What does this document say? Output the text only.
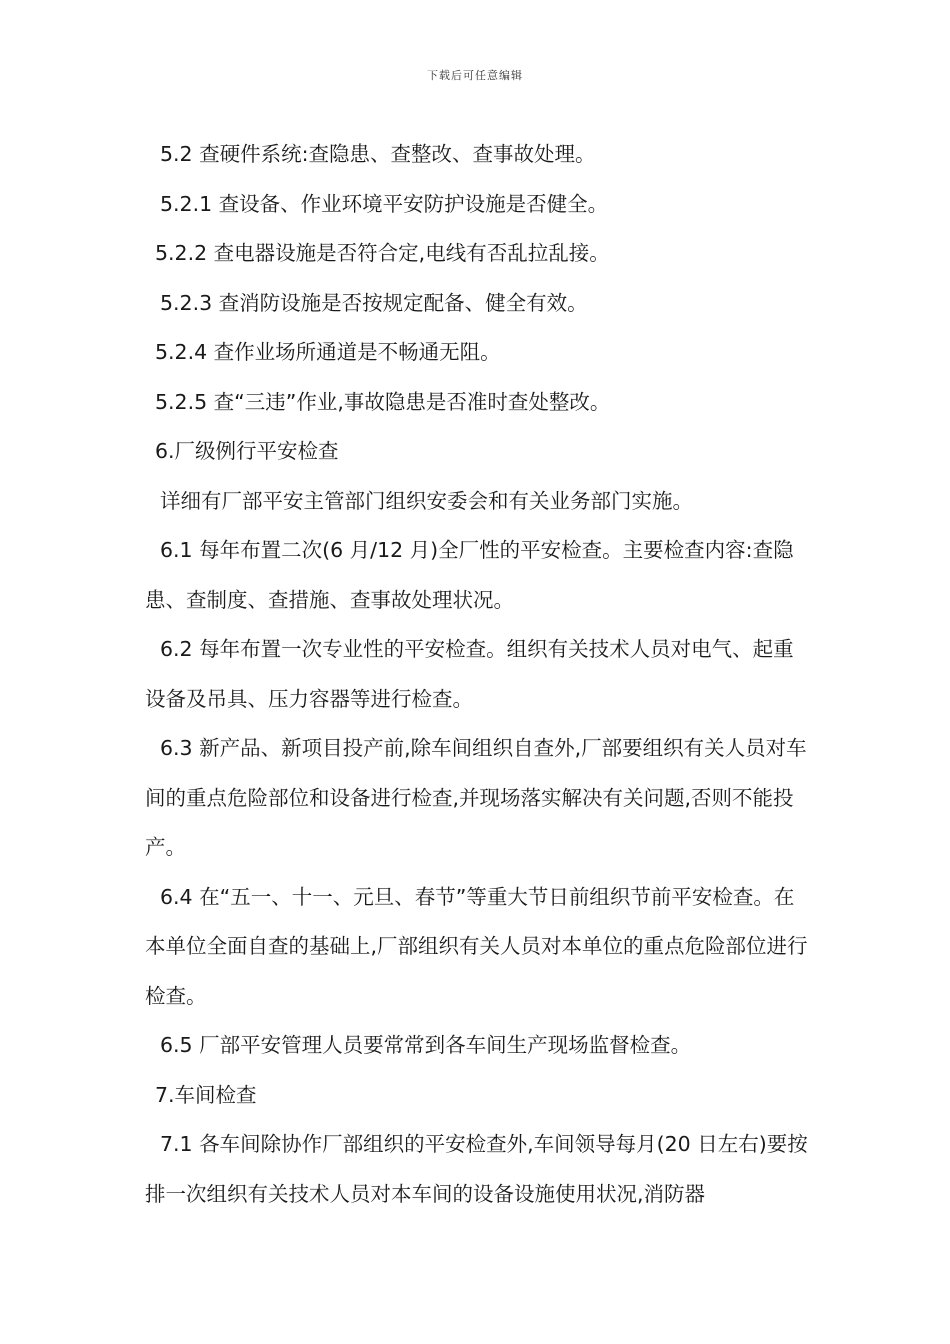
下载后可任意编辑

5.2 查硬件系统:查隐患、查整改、查事故处理。

5.2.1 查设备、作业环境平安防护设施是否健全。

5.2.2 查电器设施是否符合定,电线有否乱拉乱接。

5.2.3 查消防设施是否按规定配备、健全有效。

5.2.4 查作业场所通道是不畅通无阻。

5.2.5 查“三违”作业,事故隐患是否准时查处整改。

6.厂级例行平安检查

详细有厂部平安主管部门组织安委会和有关业务部门实施。

6.1 每年布置二次(6 月/12 月)全厂性的平安检查。主要检查内容:查隐患、查制度、查措施、查事故处理状况。

6.2 每年布置一次专业性的平安检查。组织有关技术人员对电气、起重设备及吊具、压力容器等进行检查。

6.3 新产品、新项目投产前,除车间组织自查外,厂部要组织有关人员对车间的重点危险部位和设备进行检查,并现场落实解决有关问题,否则不能投产。

6.4 在“五一、十一、元旦、春节”等重大节日前组织节前平安检查。在本单位全面自查的基础上,厂部组织有关人员对本单位的重点危险部位进行检查。

6.5 厂部平安管理人员要常常到各车间生产现场监督检查。

7.车间检查

7.1 各车间除协作厂部组织的平安检查外,车间领导每月(20 日左右)要按排一次组织有关技术人员对本车间的设备设施使用状况,消防器
